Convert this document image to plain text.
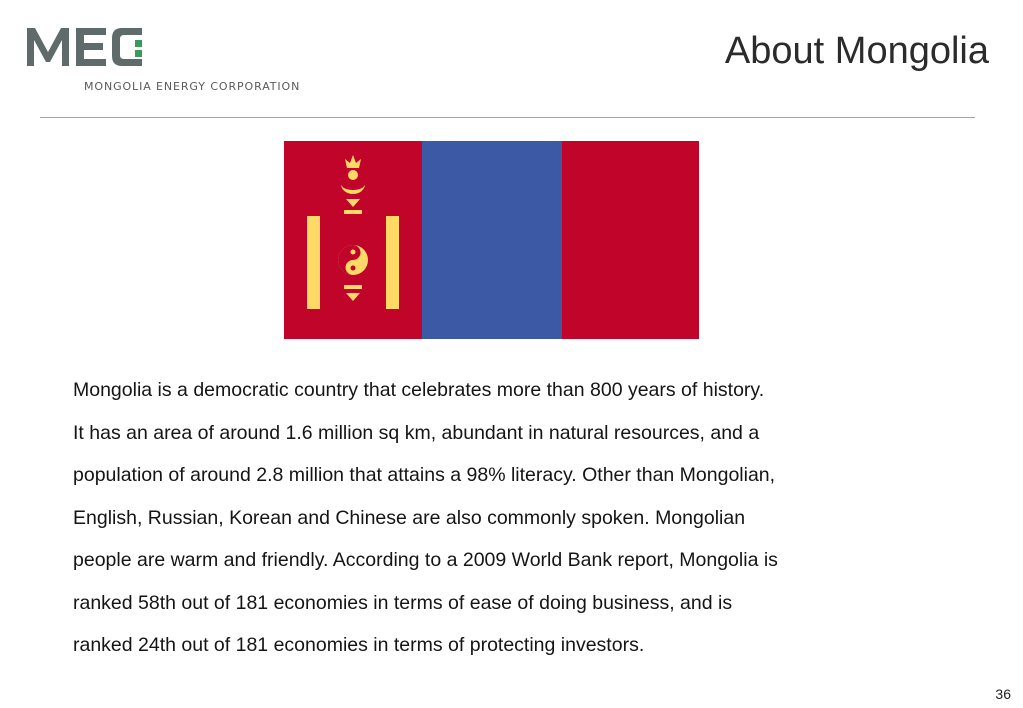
MONGOLIA ENERGY CORPORATION
About Mongolia
Mongolia is a democratic country that celebrates more than 800 years of history.
It has an area of around 1.6 million sq km, abundant in natural resources, and a
population of around 2.8 million that attains a 98% literacy. Other than Mongolian,
English, Russian, Korean and Chinese are also commonly spoken. Mongolian
people are warm and friendly. According to a 2009 World Bank report, Mongolia is
ranked 58th out of 181 economies in terms of ease of doing business, and is
ranked 24th out of 181 economies in terms of protecting investors.
36
